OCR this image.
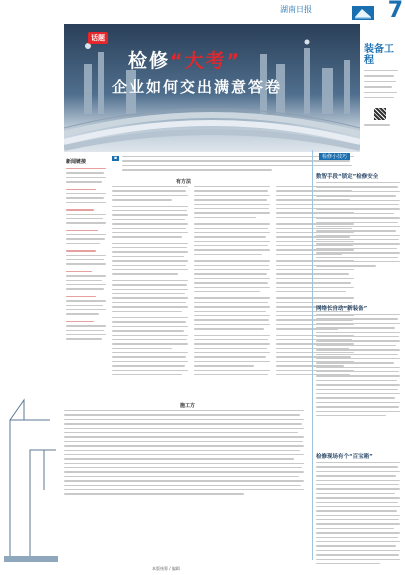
湖南日报	7
话题
检修“大考”
企业如何交出满意答卷
装备工程
▪
新闻链接
有方法
检修小技巧
数智手段“锁定”检修安全
网络长自动“新装备”
检修现场有个“百宝箱”
施工方
本版统筹 / 编辑
